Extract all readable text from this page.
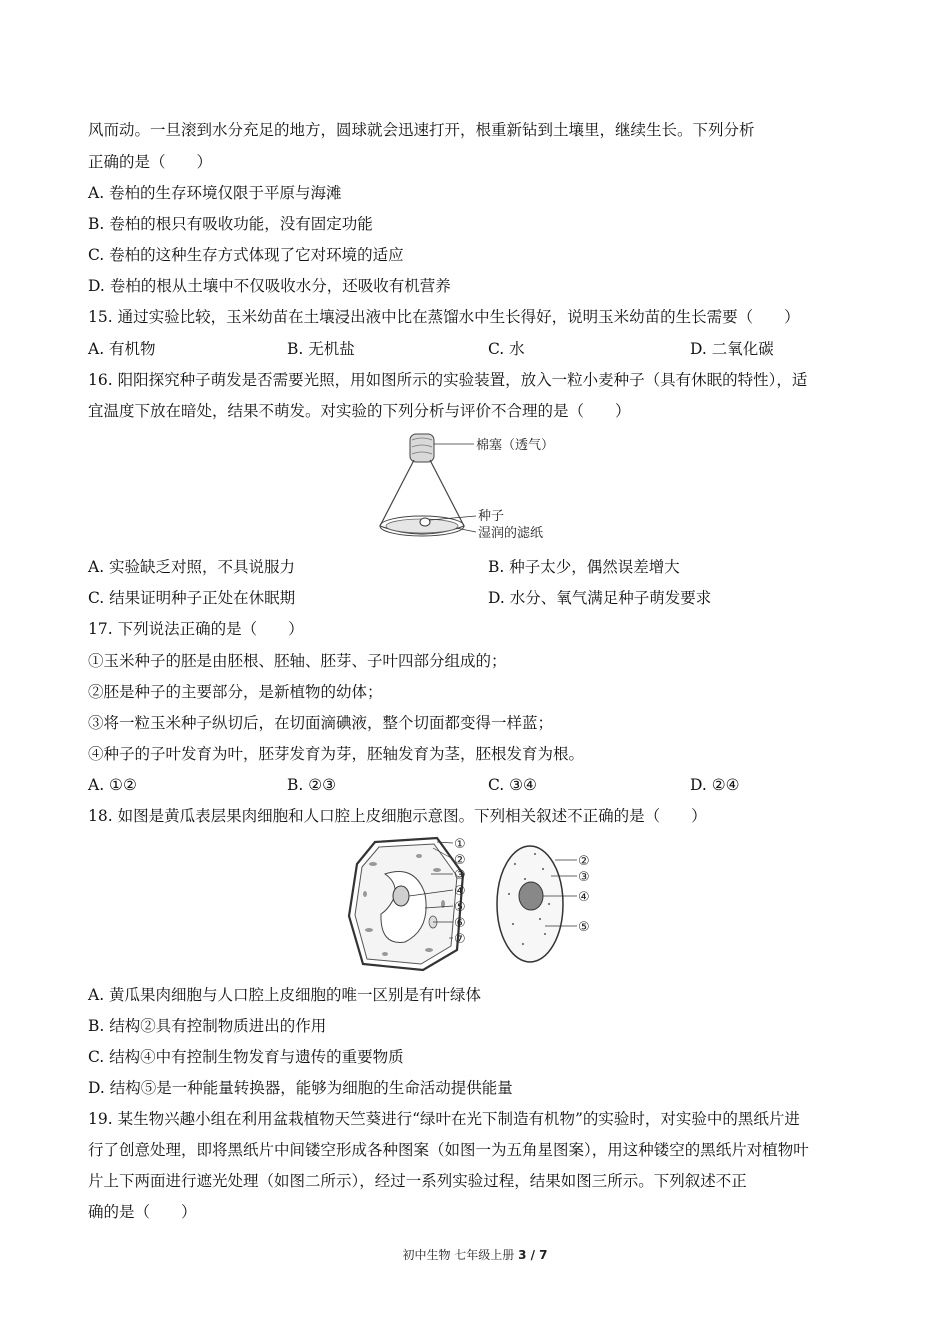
风而动。一旦滚到水分充足的地方，圆球就会迅速打开，根重新钻到土壤里，继续生长。下列分析
正确的是（　　）
A. 卷柏的生存环境仅限于平原与海滩
B. 卷柏的根只有吸收功能，没有固定功能
C. 卷柏的这种生存方式体现了它对环境的适应
D. 卷柏的根从土壤中不仅吸收水分，还吸收有机营养
15. 通过实验比较，玉米幼苗在土壤浸出液中比在蒸馏水中生长得好，说明玉米幼苗的生长需要（　　）
A. 有机物	B. 无机盐	C. 水	D. 二氧化碳
16. 阳阳探究种子萌发是否需要光照，用如图所示的实验装置，放入一粒小麦种子（具有休眠的特性），适
宜温度下放在暗处，结果不萌发。对实验的下列分析与评价不合理的是（　　）
棉塞（透气）
种子
湿润的滤纸
A. 实验缺乏对照，不具说服力	B. 种子太少，偶然误差增大
C. 结果证明种子正处在休眠期	D. 水分、氧气满足种子萌发要求
17. 下列说法正确的是（　　）
①玉米种子的胚是由胚根、胚轴、胚芽、子叶四部分组成的；
②胚是种子的主要部分，是新植物的幼体；
③将一粒玉米种子纵切后，在切面滴碘液，整个切面都变得一样蓝；
④种子的子叶发育为叶，胚芽发育为芽，胚轴发育为茎，胚根发育为根。
A. ①②	B. ②③	C. ③④	D. ②④
18. 如图是黄瓜表层果肉细胞和人口腔上皮细胞示意图。下列相关叙述不正确的是（　　）
①
②
③
④
⑤
⑥
⑦
②
③
④
⑤
A. 黄瓜果肉细胞与人口腔上皮细胞的唯一区别是有叶绿体
B. 结构②具有控制物质进出的作用
C. 结构④中有控制生物发育与遗传的重要物质
D. 结构⑤是一种能量转换器，能够为细胞的生命活动提供能量
19. 某生物兴趣小组在利用盆栽植物天竺葵进行“绿叶在光下制造有机物”的实验时，对实验中的黑纸片进
行了创意处理，即将黑纸片中间镂空形成各种图案（如图一为五角星图案），用这种镂空的黑纸片对植物叶
片上下两面进行遮光处理（如图二所示），经过一系列实验过程，结果如图三所示。下列叙述不正
确的是（　　）
初中生物 七年级上册 3 / 7
